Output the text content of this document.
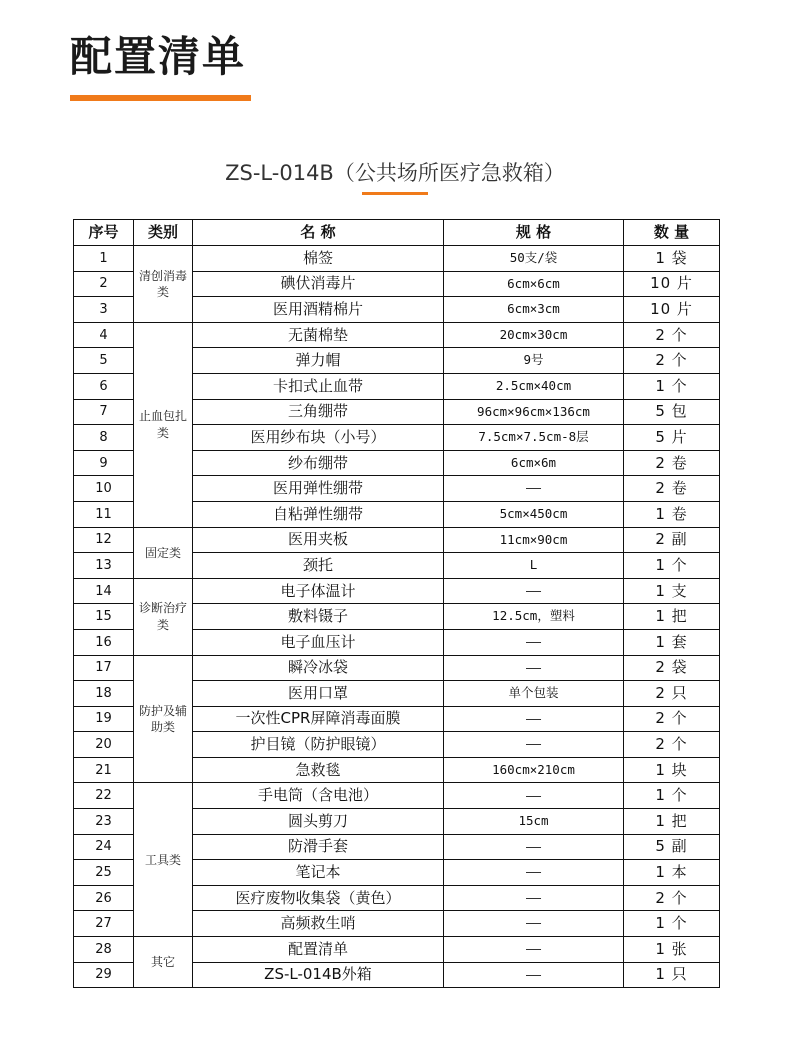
配置清单
ZS-L-014B（公共场所医疗急救箱）
序号	类别	名 称	规 格	数 量
1	清创消毒类	棉签	50支/袋	1 袋
2		碘伏消毒片	6cm×6cm	10 片
3		医用酒精棉片	6cm×3cm	10 片
4	止血包扎类	无菌棉垫	20cm×30cm	2 个
5		弹力帽	9号	2 个
6		卡扣式止血带	2.5cm×40cm	1 个
7		三角绷带	96cm×96cm×136cm	5 包
8		医用纱布块（小号）	7.5cm×7.5cm-8层	5 片
9		纱布绷带	6cm×6m	2 卷
10		医用弹性绷带	——	2 卷
11		自粘弹性绷带	5cm×450cm	1 卷
12	固定类	医用夹板	11cm×90cm	2 副
13		颈托	L	1 个
14	诊断治疗类	电子体温计	——	1 支
15		敷料镊子	12.5cm，塑料	1 把
16		电子血压计	——	1 套
17	防护及辅助类	瞬冷冰袋	——	2 袋
18		医用口罩	单个包装	2 只
19		一次性CPR屏障消毒面膜	——	2 个
20		护目镜（防护眼镜）	——	2 个
21		急救毯	160cm×210cm	1 块
22	工具类	手电筒（含电池）	——	1 个
23		圆头剪刀	15cm	1 把
24		防滑手套	——	5 副
25		笔记本	——	1 本
26		医疗废物收集袋（黄色）	——	2 个
27		高频救生哨	——	1 个
28	其它	配置清单	——	1 张
29		ZS-L-014B外箱	——	1 只
